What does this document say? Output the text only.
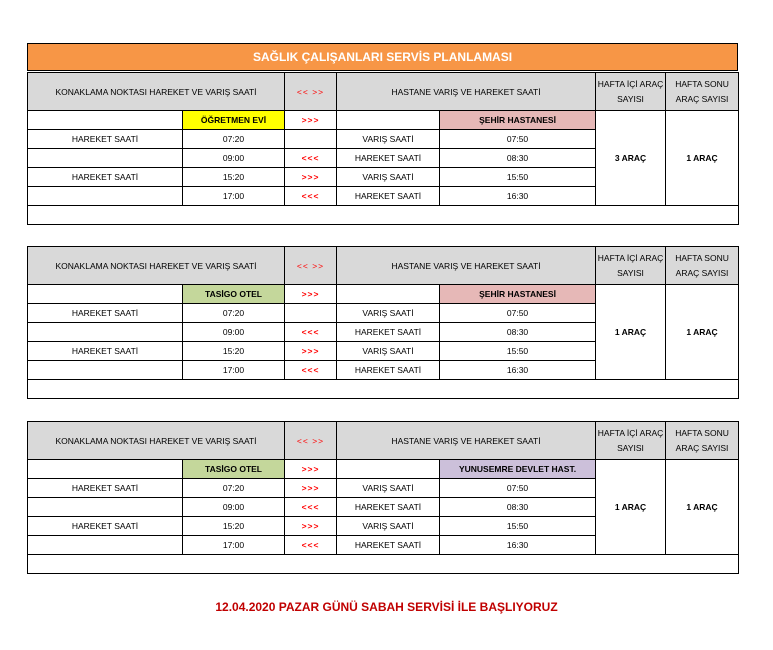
SAĞLIK ÇALIŞANLARI SERVİS PLANLAMASI
KONAKLAMA NOKTASI HAREKET VE VARIŞ SAATİ		<< >>	HASTANE VARIŞ VE HAREKET SAATİ		HAFTA İÇİ ARAÇ SAYISI	HAFTA SONU ARAÇ SAYISI
	ÖĞRETMEN EVİ	>>>		ŞEHİR HASTANESİ	3 ARAÇ	1 ARAÇ
HAREKET SAATİ	07:20		VARIŞ SAATİ	07:50		
	09:00	<<<	HAREKET SAATİ	08:30		
HAREKET SAATİ	15:20	>>>	VARIŞ SAATİ	15:50		
	17:00	<<<	HAREKET SAATİ	16:30		

KONAKLAMA NOKTASI HAREKET VE VARIŞ SAATİ		<< >>	HASTANE VARIŞ VE HAREKET SAATİ		HAFTA İÇİ ARAÇ SAYISI	HAFTA SONU ARAÇ SAYISI
	TASİGO OTEL	>>>		ŞEHİR HASTANESİ	1 ARAÇ	1 ARAÇ
HAREKET SAATİ	07:20		VARIŞ SAATİ	07:50		
	09:00	<<<	HAREKET SAATİ	08:30		
HAREKET SAATİ	15:20	>>>	VARIŞ SAATİ	15:50		
	17:00	<<<	HAREKET SAATİ	16:30		

KONAKLAMA NOKTASI HAREKET VE VARIŞ SAATİ		<< >>	HASTANE VARIŞ VE HAREKET SAATİ		HAFTA İÇİ ARAÇ SAYISI	HAFTA SONU ARAÇ SAYISI
	TASİGO OTEL	>>>		YUNUSEMRE DEVLET HAST.	1 ARAÇ	1 ARAÇ
HAREKET SAATİ	07:20	>>>	VARIŞ SAATİ	07:50		
	09:00	<<<	HAREKET SAATİ	08:30		
HAREKET SAATİ	15:20	>>>	VARIŞ SAATİ	15:50		
	17:00	<<<	HAREKET SAATİ	16:30		

12.04.2020 PAZAR GÜNÜ SABAH SERVİSİ İLE BAŞLIYORUZ
